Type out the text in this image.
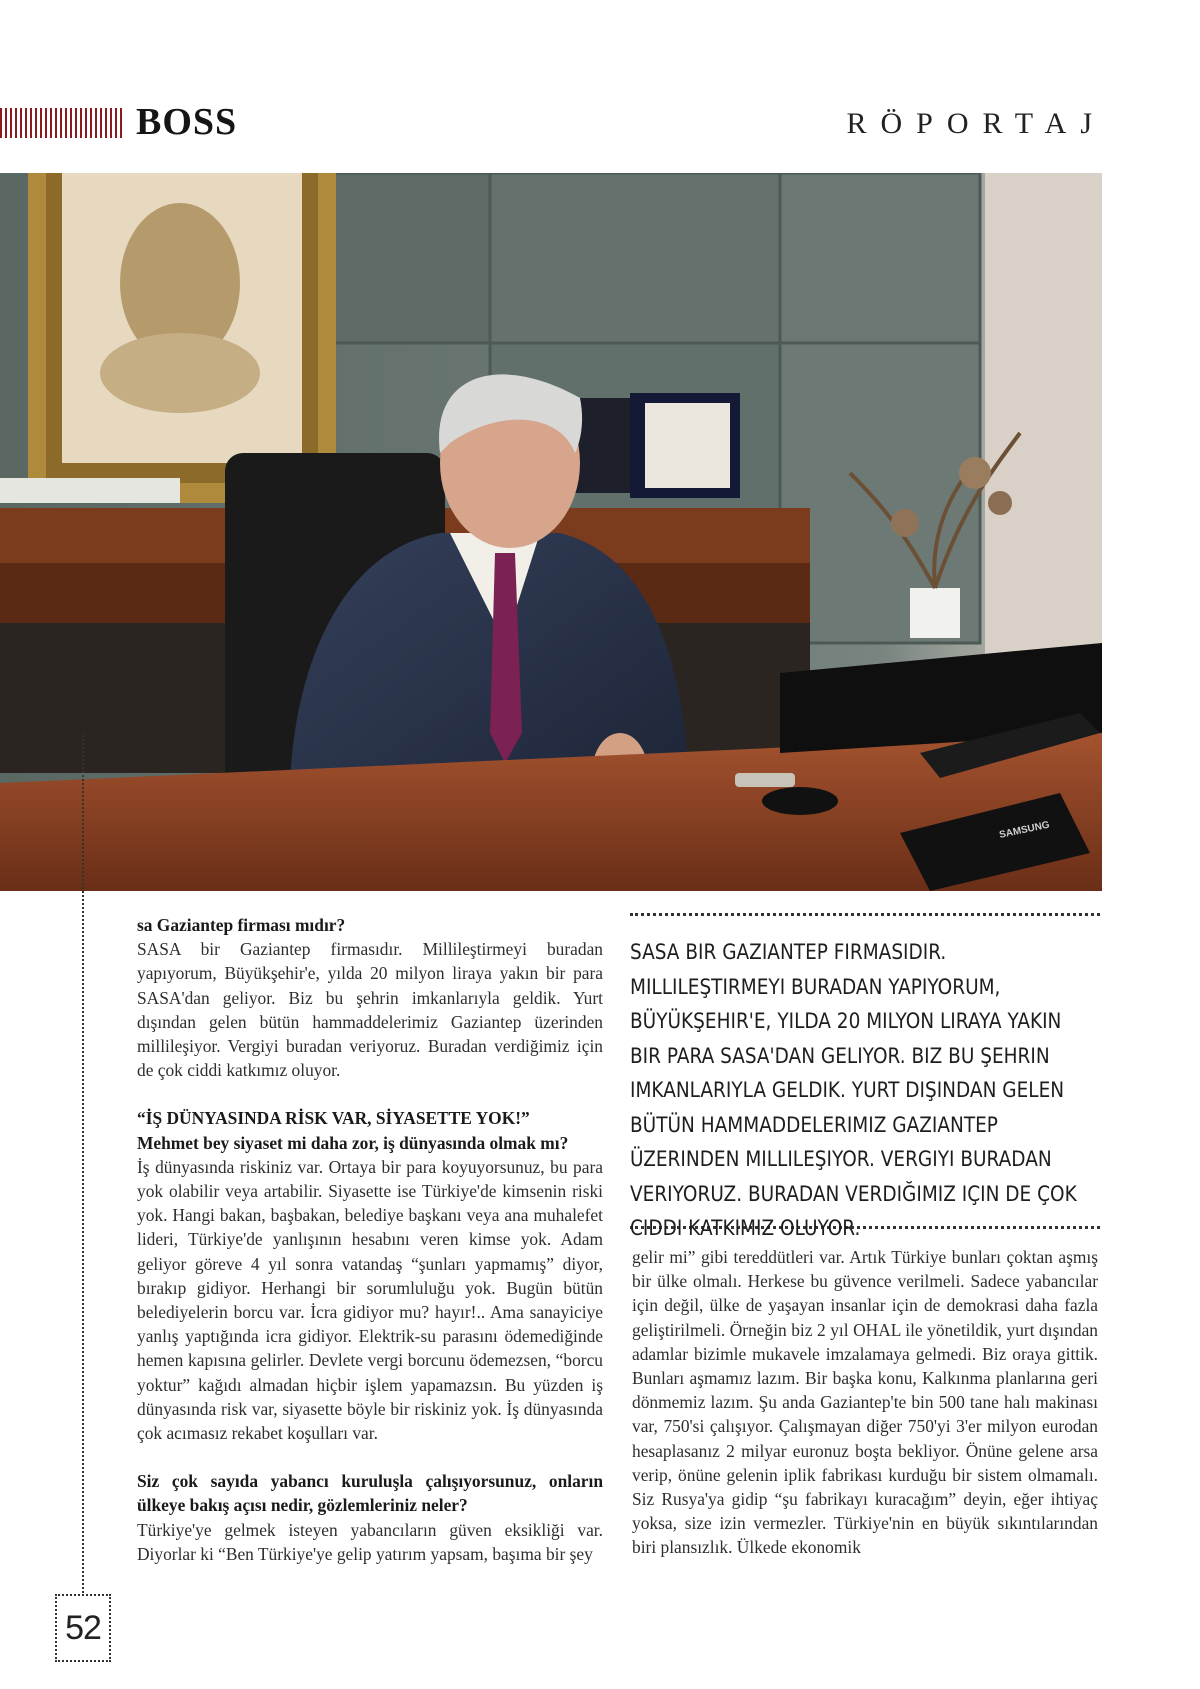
BOSS	RÖPORTAJ
SAMSUNG
52

sa Gaziantep firması mıdır?

SASA bir Gaziantep firmasıdır. Millileştirmeyi buradan yapıyorum, Büyükşehir'e, yılda 20 milyon liraya yakın bir para SASA'dan geliyor. Biz bu şehrin imkanlarıyla geldik. Yurt dışından gelen bütün hammaddelerimiz Gaziantep üzerinden millileşiyor. Vergiyi buradan veriyoruz. Buradan verdiğimiz için de çok ciddi katkımız oluyor.

“İŞ DÜNYASINDA RİSK VAR, SİYASETTE YOK!”

Mehmet bey siyaset mi daha zor, iş dünyasında olmak mı?

İş dünyasında riskiniz var. Ortaya bir para koyuyorsunuz, bu para yok olabilir veya artabilir. Siyasette ise Türkiye'de kimsenin riski yok. Hangi bakan, başbakan, belediye başkanı veya ana muhalefet lideri, Türkiye'de yanlışının hesabını veren kimse yok. Adam geliyor göreve 4 yıl sonra vatandaş “şunları yapmamış” diyor, bırakıp gidiyor. Herhangi bir sorumluluğu yok. Bugün bütün belediyelerin borcu var. İcra gidiyor mu? hayır!.. Ama sanayiciye yanlış yaptığında icra gidiyor. Elektrik-su parasını ödemediğinde hemen kapısına gelirler. Devlete vergi borcunu ödemezsen, “borcu yoktur” kağıdı almadan hiçbir işlem yapamazsın. Bu yüzden iş dünyasında risk var, siyasette böyle bir riskiniz yok. İş dünyasında çok acımasız rekabet koşulları var.

Siz çok sayıda yabancı kuruluşla çalışıyorsunuz, onların ülkeye bakış açısı nedir, gözlemleriniz neler?

Türkiye'ye gelmek isteyen yabancıların güven eksikliği var. Diyorlar ki “Ben Türkiye'ye gelip yatırım yapsam, başıma bir şey

SASA BIR GAZIANTEP FIRMASIDIR. MILLILEŞTIRMEYI BURADAN YAPIYORUM, BÜYÜKŞEHIR'E, YILDA 20 MILYON LIRAYA YAKIN BIR PARA SASA'DAN GELIYOR. BIZ BU ŞEHRIN IMKANLARIYLA GELDIK. YURT DIŞINDAN GELEN BÜTÜN HAMMADDELERIMIZ GAZIANTEP ÜZERINDEN MILLILEŞIYOR. VERGIYI BURADAN VERIYORUZ. BURADAN VERDIĞIMIZ IÇIN DE ÇOK CIDDI KATKIMIZ OLUYOR.

gelir mi” gibi tereddütleri var. Artık Türkiye bunları çoktan aşmış bir ülke olmalı. Herkese bu güvence verilmeli. Sadece yabancılar için değil, ülke de yaşayan insanlar için de demokrasi daha fazla geliştirilmeli. Örneğin biz 2 yıl OHAL ile yönetildik, yurt dışından adamlar bizimle mukavele imzalamaya gelmedi. Biz oraya gittik. Bunları aşmamız lazım. Bir başka konu, Kalkınma planlarına geri dönmemiz lazım. Şu anda Gaziantep'te bin 500 tane halı makinası var, 750'si çalışıyor. Çalışmayan diğer 750'yi 3'er milyon eurodan hesaplasanız 2 milyar euronuz boşta bekliyor. Önüne gelene arsa verip, önüne gelenin iplik fabrikası kurduğu bir sistem olmamalı. Siz Rusya'ya gidip “şu fabrikayı kuracağım” deyin, eğer ihtiyaç yoksa, size izin vermezler. Türkiye'nin en büyük sıkıntılarından biri plansızlık. Ülkede ekonomik
